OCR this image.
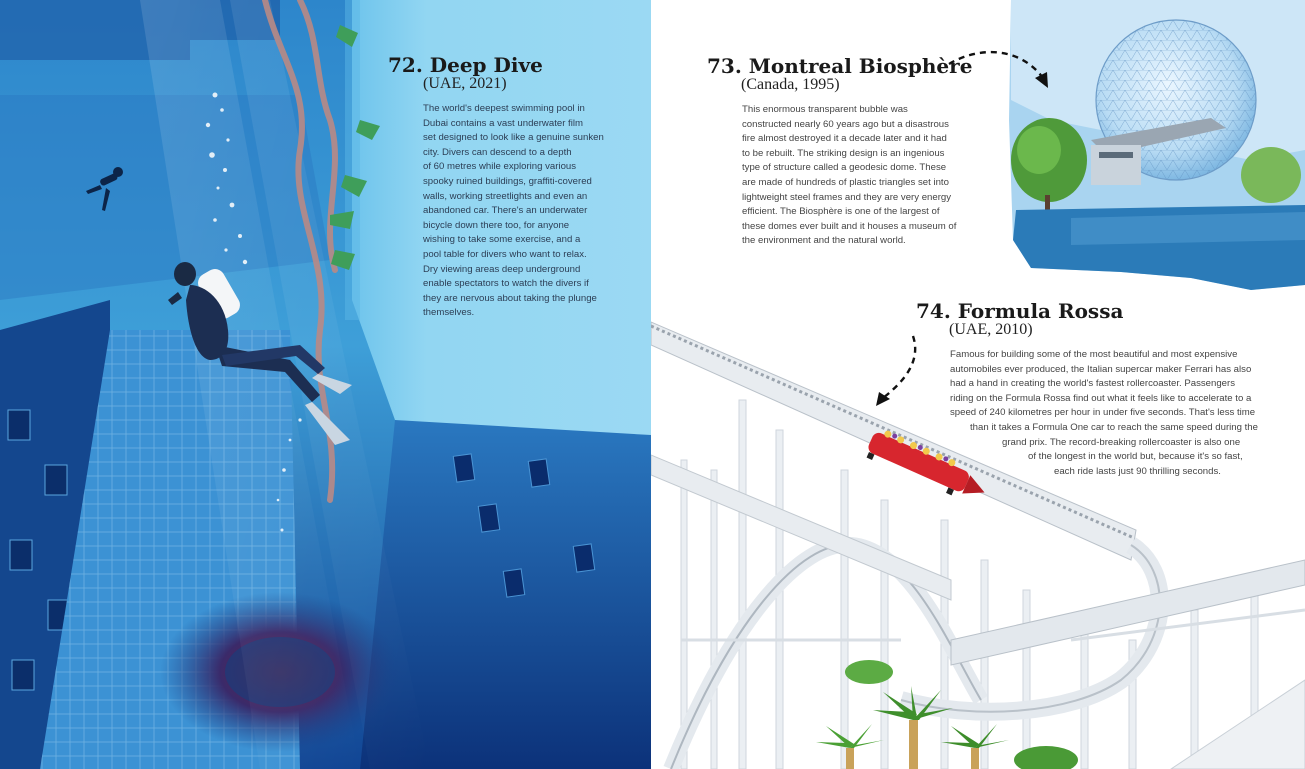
72. Deep Dive
(UAE, 2021)
The world's deepest swimming pool in
Dubai contains a vast underwater film
set designed to look like a genuine sunken
city. Divers can descend to a depth
of 60 metres while exploring various
spooky ruined buildings, graffiti-covered
walls, working streetlights and even an
abandoned car. There's an underwater
bicycle down there too, for anyone
wishing to take some exercise, and a
pool table for divers who want to relax.
Dry viewing areas deep underground
enable spectators to watch the divers if
they are nervous about taking the plunge
themselves.
73. Montreal Biosphère
(Canada, 1995)
This enormous transparent bubble was
constructed nearly 60 years ago but a disastrous
fire almost destroyed it a decade later and it had
to be rebuilt. The striking design is an ingenious
type of structure called a geodesic dome. These
are made of hundreds of plastic triangles set into
lightweight steel frames and they are very energy
efficient. The Biosphère is one of the largest of
these domes ever built and it houses a museum of
the environment and the natural world.
74. Formula Rossa
(UAE, 2010)
Famous for building some of the most beautiful and most expensive
automobiles ever produced, the Italian supercar maker Ferrari has also
had a hand in creating the world's fastest rollercoaster. Passengers
riding on the Formula Rossa find out what it feels like to accelerate to a
speed of 240 kilometres per hour in under five seconds. That's less time
than it takes a Formula One car to reach the same speed during the
grand prix. The record-breaking rollercoaster is also one
of the longest in the world but, because it's so fast,
each ride lasts just 90 thrilling seconds.
